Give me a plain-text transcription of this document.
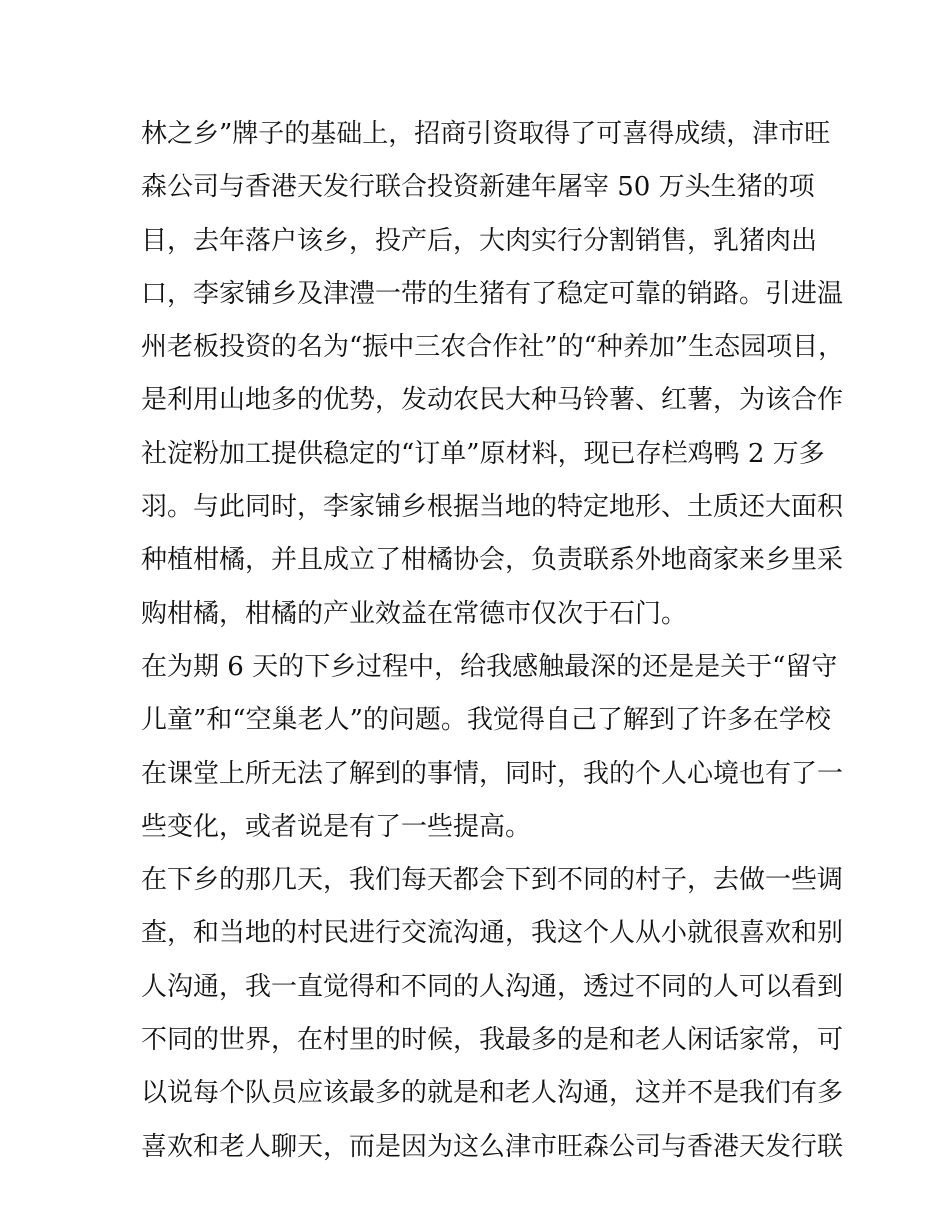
林之乡”牌子的基础上，招商引资取得了可喜得成绩，津市旺
森公司与香港天发行联合投资新建年屠宰 50 万头生猪的项
目，去年落户该乡，投产后，大肉实行分割销售，乳猪肉出
口，李家铺乡及津澧一带的生猪有了稳定可靠的销路。引进温
州老板投资的名为“振中三农合作社”的“种养加”生态园项目，
是利用山地多的优势，发动农民大种马铃薯、红薯，为该合作
社淀粉加工提供稳定的“订单”原材料，现已存栏鸡鸭 2 万多
羽。与此同时，李家铺乡根据当地的特定地形、土质还大面积
种植柑橘，并且成立了柑橘协会，负责联系外地商家来乡里采
购柑橘，柑橘的产业效益在常德市仅次于石门。
在为期 6 天的下乡过程中，给我感触最深的还是是关于“留守
儿童”和“空巢老人”的问题。我觉得自己了解到了许多在学校
在课堂上所无法了解到的事情，同时，我的个人心境也有了一
些变化，或者说是有了一些提高。
在下乡的那几天，我们每天都会下到不同的村子，去做一些调
查，和当地的村民进行交流沟通，我这个人从小就很喜欢和别
人沟通，我一直觉得和不同的人沟通，透过不同的人可以看到
不同的世界，在村里的时候，我最多的是和老人闲话家常，可
以说每个队员应该最多的就是和老人沟通，这并不是我们有多
喜欢和老人聊天，而是因为这么津市旺森公司与香港天发行联
